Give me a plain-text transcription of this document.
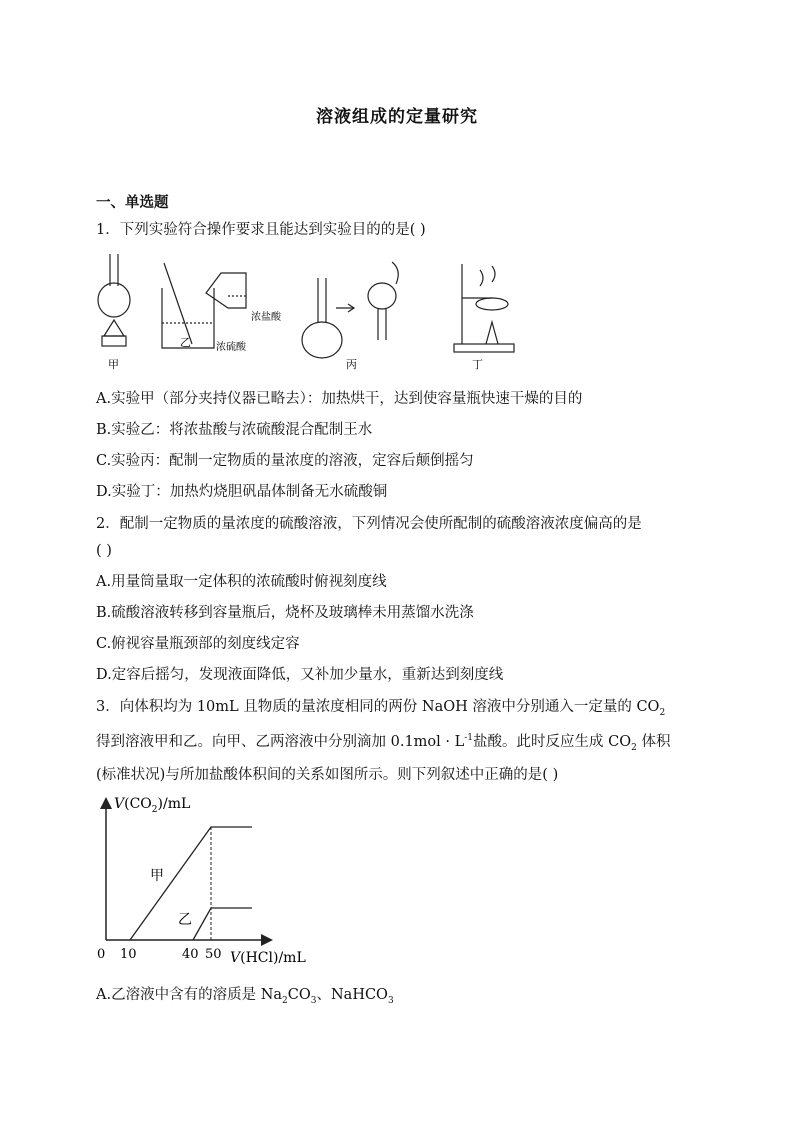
溶液组成的定量研究
一、单选题
1．下列实验符合操作要求且能达到实验目的的是( )
甲
浓盐酸
浓硫酸
乙
丙	丁
A.实验甲（部分夹持仪器已略去）：加热烘干，达到使容量瓶快速干燥的目的
B.实验乙：将浓盐酸与浓硫酸混合配制王水
C.实验丙：配制一定物质的量浓度的溶液，定容后颠倒摇匀
D.实验丁：加热灼烧胆矾晶体制备无水硫酸铜
2．配制一定物质的量浓度的硫酸溶液，下列情况会使所配制的硫酸溶液浓度偏高的是
( )
A.用量筒量取一定体积的浓硫酸时俯视刻度线
B.硫酸溶液转移到容量瓶后，烧杯及玻璃棒未用蒸馏水洗涤
C.俯视容量瓶颈部的刻度线定容
D.定容后摇匀，发现液面降低，又补加少量水，重新达到刻度线
3．向体积均为 10mL 且物质的量浓度相同的两份 NaOH 溶液中分别通入一定量的 $CO_2$
得到溶液甲和乙。向甲、乙两溶液中分别滴加 $0.1mol \cdot L^{-1}$盐酸。此时反应生成 $CO_2$ 体积
(标准状况)与所加盐酸体积间的关系如图所示。则下列叙述中正确的是( )
$V(CO_2)/mL$
V(HCl)/mL
0 10	40 50
甲
乙
A.乙溶液中含有的溶质是 $Na_2CO_3$、NaHCO$_3$
